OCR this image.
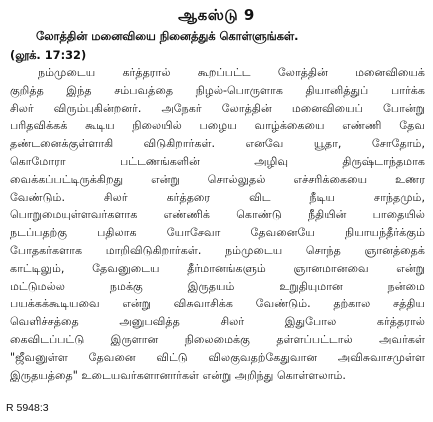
ஆகஸ்டு 9
லோத்தின் மனைவியை நினைத்துக் கொள்ளுங்கள்.
(லூக். 17:32)
நம்முடைய கர்த்தரால் கூறப்பட்ட லோத்தின் மனைவியைக்
குறித்த இந்த சம்பவத்தை நிழல்-பொருளாக தியானித்துப் பார்க்க
சிலர் விரும்புகின்றனர். அநேகர் லோத்தின் மனைவியைப் போன்று
பரிதவிக்கக் கூடிய நிலையில் பழைய வாழ்க்கையை எண்ணி தேவ
தண்டனைக்குள்ளாகி விடுகிறார்கள். எனவே யூதா, சோதோம்,
கொமோரா பட்டணங்களின் அழிவு திருஷ்டாந்தமாக
வைக்கப்பட்டிருக்கிறது என்று சொல்லுதல் எச்சரிக்கையை உணர
வேண்டும். சிலர் கர்த்தரை விட நீடிய சாந்தமும்,
பொறுமையுள்ளவர்களாக எண்ணிக் கொண்டு நீதியின் பாதையில்
நடப்பதற்கு பதிலாக யோசேவா தேவனையே நியாயந்தீர்க்கும்
போதகர்களாக மாறிவிடுகிறார்கள். நம்முடைய சொந்த ஞானத்தைக்
காட்டிலும், தேவனுடைய தீர்மானங்களும் ஞானமானவை என்று
மட்டுமல்ல நமக்கு இருதயம் உறுதியுமான நன்மை
பயக்கக்கூடியவை என்று விசுவாசிக்க வேண்டும். தற்கால சத்திய
வெளிச்சத்தை அனுபவித்த சிலர் இதுபோல கர்த்தரால்
கைவிடப்பட்டு இருளான நிலைமைக்கு தள்ளப்பட்டால் அவர்கள்
"ஜீவனுள்ள தேவனை விட்டு விலகுவதற்கேதுவான அவிசுவாசமுள்ள
இருதயத்தை" உடையவர்களானார்கள் என்று அறிந்து கொள்ளலாம்.
R 5948:3
